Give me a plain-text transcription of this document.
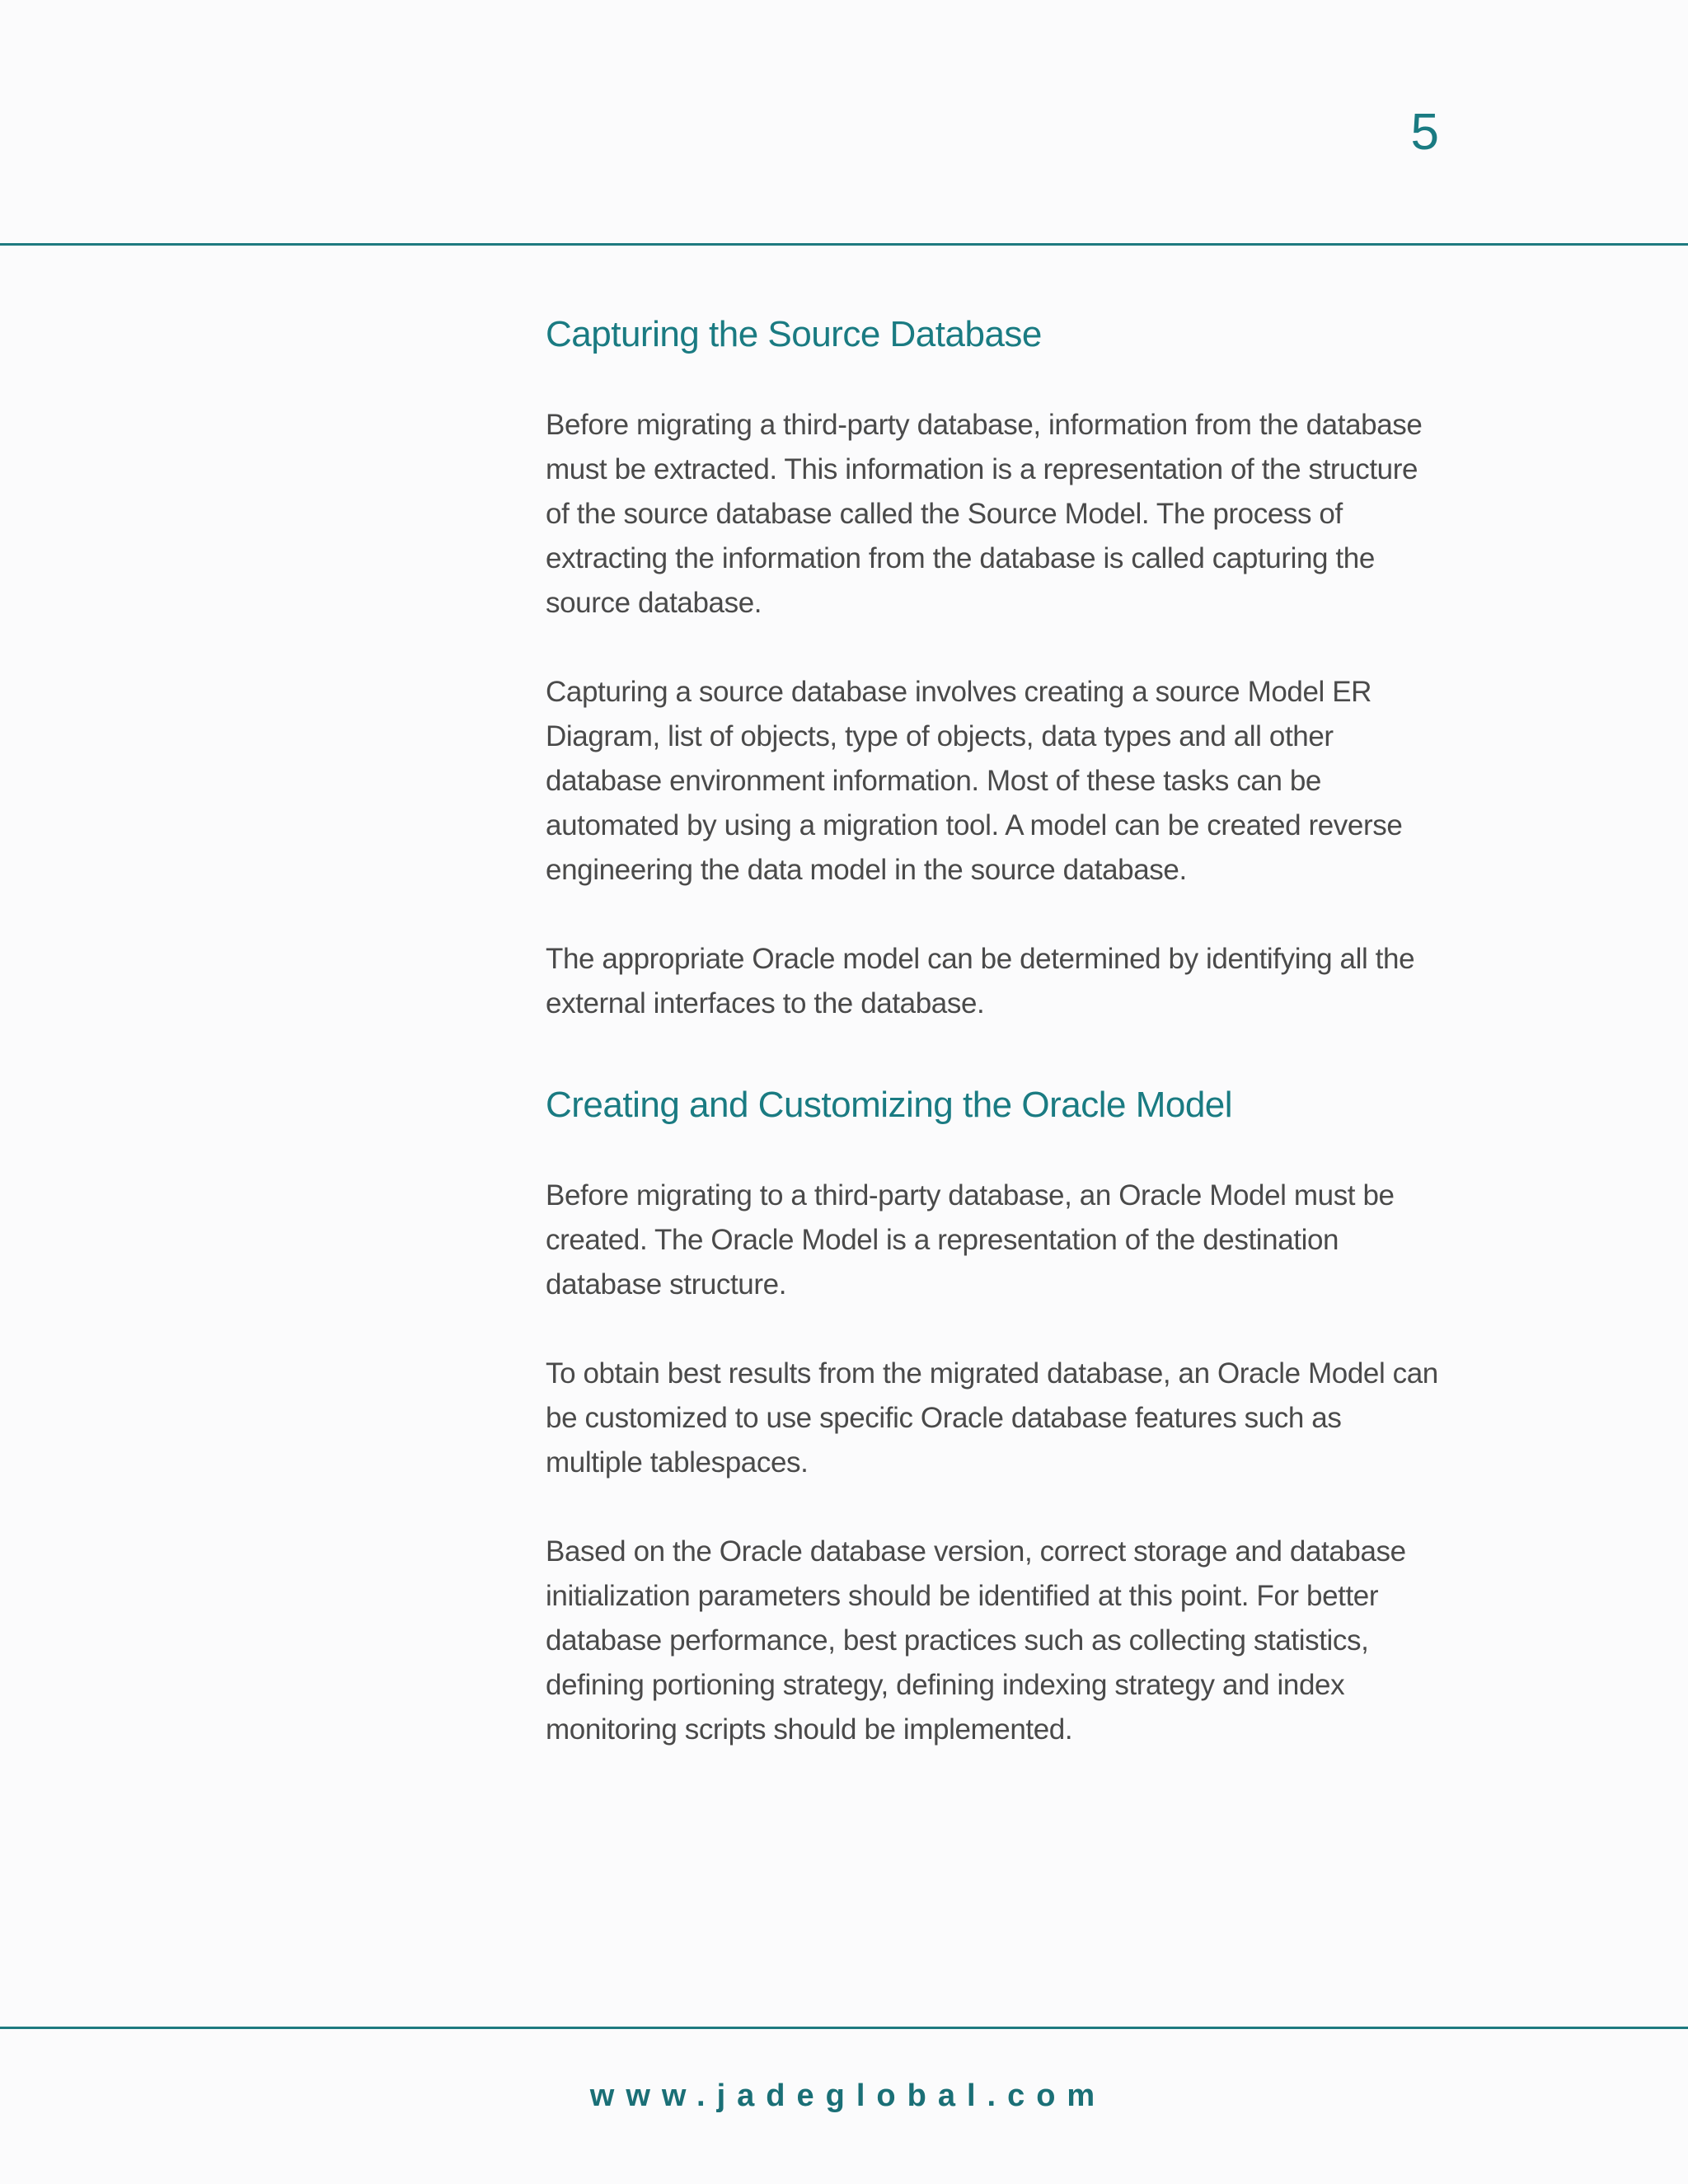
5
Capturing the Source Database

Before migrating a third-party database, information from the database must be extracted. This information is a representation of the structure of the source database called the Source Model. The process of extracting the information from the database is called capturing the source database.

Capturing a source database involves creating a source Model ER Diagram, list of objects, type of objects, data types and all other database environment information. Most of these tasks can be automated by using a migration tool. A model can be created reverse engineering the data model in the source database.

The appropriate Oracle model can be determined by identifying all the external interfaces to the database.

Creating and Customizing the Oracle Model

Before migrating to a third-party database, an Oracle Model must be created. The Oracle Model is a representation of the destination database structure.

To obtain best results from the migrated database, an Oracle Model can be customized to use specific Oracle database features such as multiple tablespaces.

Based on the Oracle database version, correct storage and database initialization parameters should be identified at this point. For better database performance, best practices such as collecting statistics, defining portioning strategy, defining indexing strategy and index monitoring scripts should be implemented.

www.jadeglobal.com
